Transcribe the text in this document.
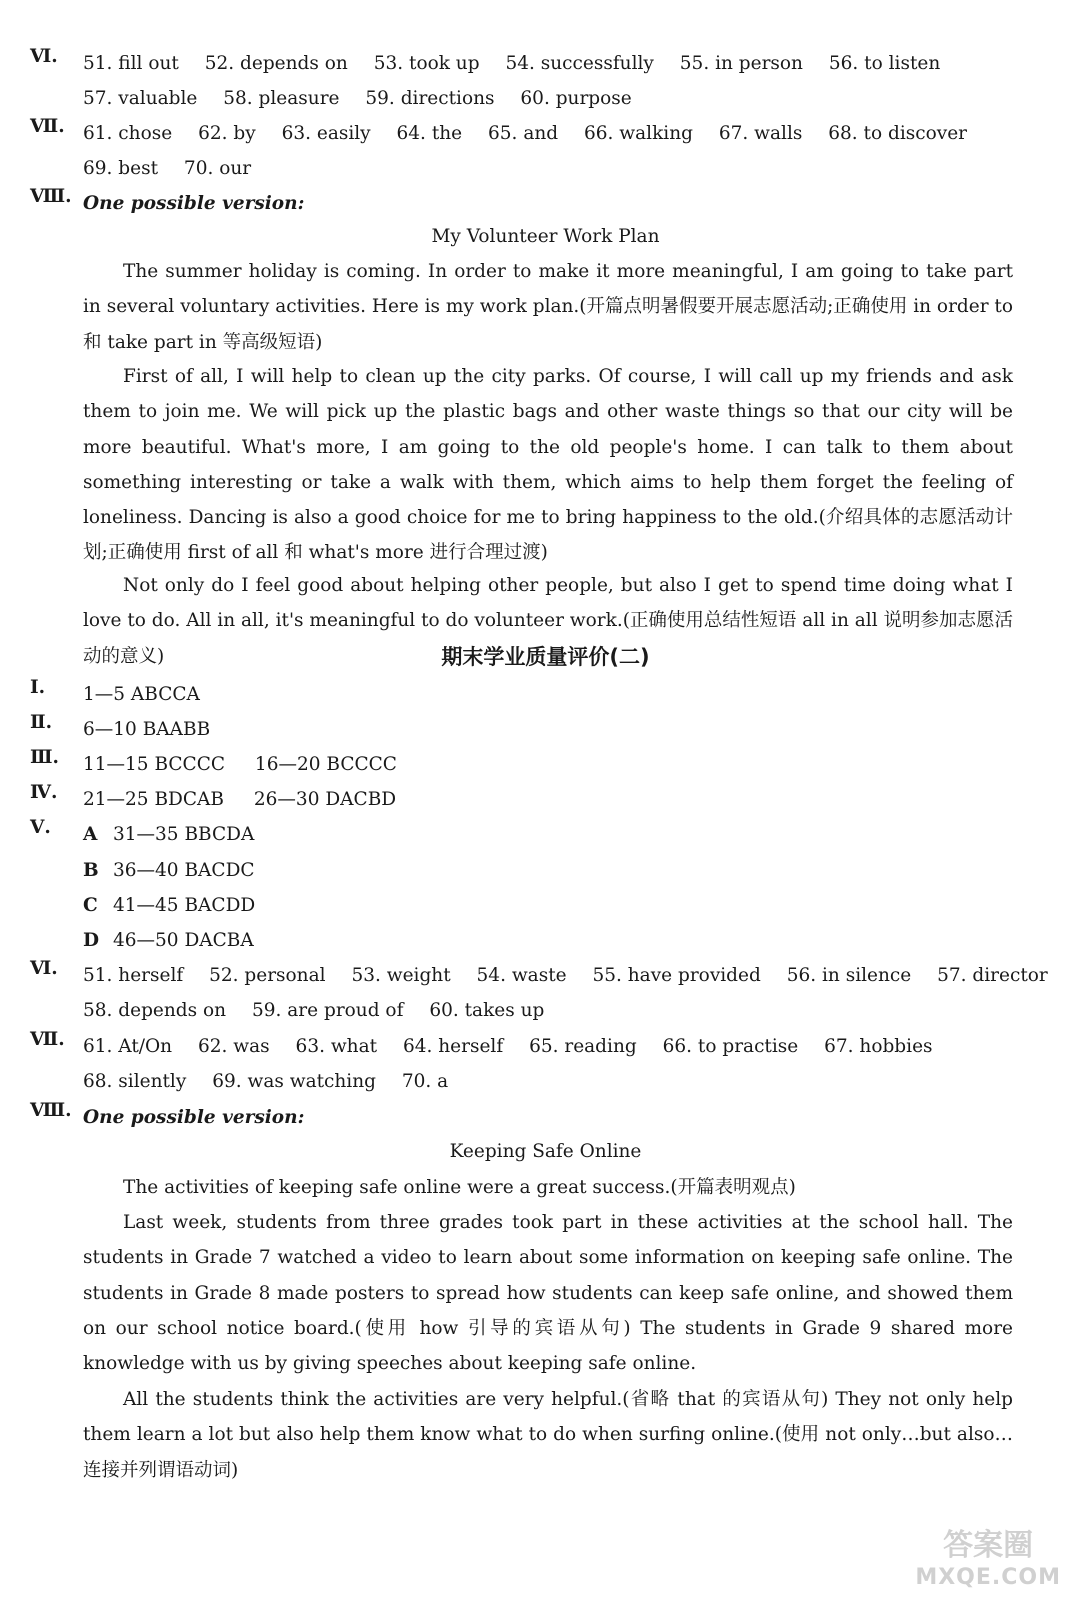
Ⅵ.	51. fill out 52. depends on 53. took up 54. successfully 55. in person 56. to listen
57. valuable 58. pleasure 59. directions 60. purpose
Ⅶ. 61. chose 62. by 63. easily 64. the 65. and 66. walking 67. walls 68. to discover
69. best 70. our
Ⅷ. One possible version:
My Volunteer Work Plan
The summer holiday is coming. In order to make it more meaningful, I am going to take part in several voluntary activities. Here is my work plan.(开篇点明暑假要开展志愿活动;正确使用 in order to 和 take part in 等高级短语)
First of all, I will help to clean up the city parks. Of course, I will call up my friends and ask them to join me. We will pick up the plastic bags and other waste things so that our city will be more beautiful. What's more, I am going to the old people's home. I can talk to them about something interesting or take a walk with them, which aims to help them forget the feeling of loneliness. Dancing is also a good choice for me to bring happiness to the old.(介绍具体的志愿活动计划;正确使用 first of all 和 what's more 进行合理过渡)
Not only do I feel good about helping other people, but also I get to spend time doing what I love to do. All in all, it's meaningful to do volunteer work.(正确使用总结性短语 all in all 说明参加志愿活动的意义)	期末学业质量评价(二)
Ⅰ.	1—5 ABCCA
Ⅱ.	6—10 BAABB
Ⅲ.	11—15 BCCCC 16—20 BCCCC
Ⅳ.	21—25 BDCAB 26—30 DACBD
Ⅴ.	A 31—35 BBCDA
B 36—40 BACDC
C 41—45 BACDD
D 46—50 DACBA
Ⅵ.	51. herself 52. personal 53. weight 54. waste 55. have provided 56. in silence 57. director
58. depends on 59. are proud of 60. takes up
Ⅶ. 61. At/On 62. was 63. what 64. herself 65. reading 66. to practise 67. hobbies
68. silently 69. was watching 70. a
Ⅷ. One possible version:
Keeping Safe Online
The activities of keeping safe online were a great success.(开篇表明观点)
Last week, students from three grades took part in these activities at the school hall. The students in Grade 7 watched a video to learn about some information on keeping safe online. The students in Grade 8 made posters to spread how students can keep safe online, and showed them on our school notice board.(使用 how 引导的宾语从句) The students in Grade 9 shared more knowledge with us by giving speeches about keeping safe online.
All the students think the activities are very helpful.(省略 that 的宾语从句) They not only help them learn a lot but also help them know what to do when surfing online.(使用 not only…but also…连接并列谓语动词)
答案圈
MXQE.COM
